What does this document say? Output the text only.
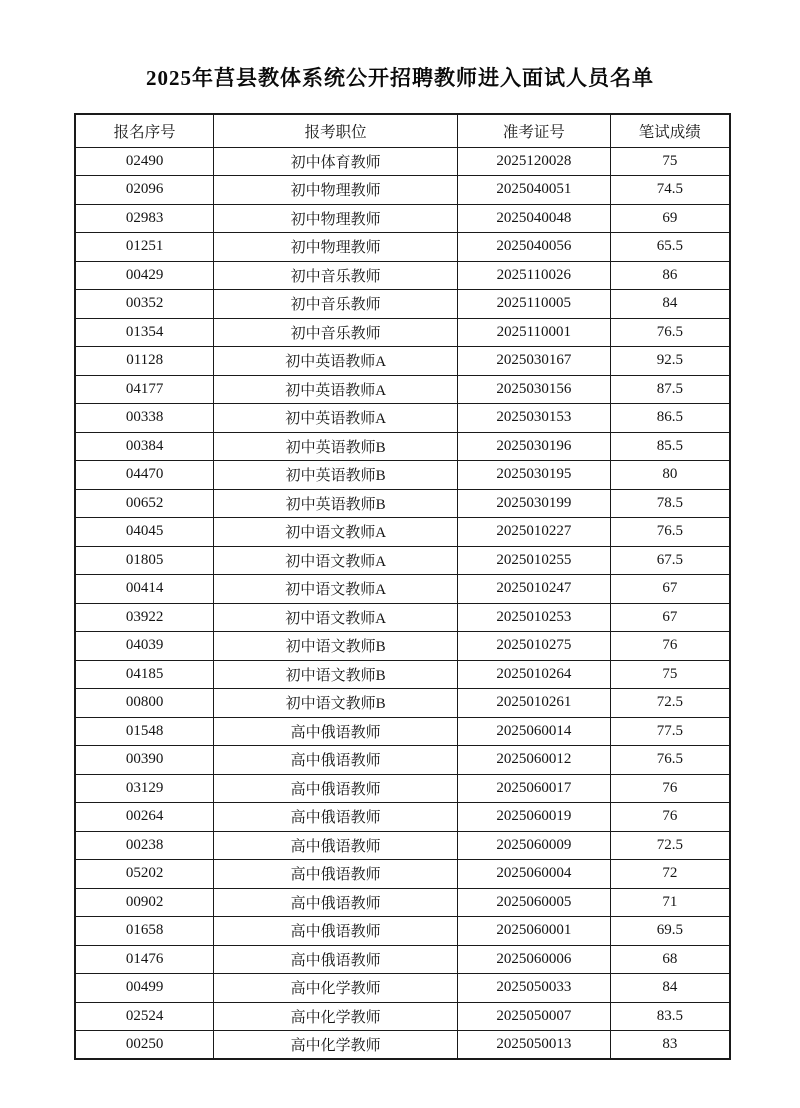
2025年莒县教体系统公开招聘教师进入面试人员名单
报名序号	报考职位	准考证号	笔试成绩
02490	初中体育教师	2025120028	75
02096	初中物理教师	2025040051	74.5
02983	初中物理教师	2025040048	69
01251	初中物理教师	2025040056	65.5
00429	初中音乐教师	2025110026	86
00352	初中音乐教师	2025110005	84
01354	初中音乐教师	2025110001	76.5
01128	初中英语教师A	2025030167	92.5
04177	初中英语教师A	2025030156	87.5
00338	初中英语教师A	2025030153	86.5
00384	初中英语教师B	2025030196	85.5
04470	初中英语教师B	2025030195	80
00652	初中英语教师B	2025030199	78.5
04045	初中语文教师A	2025010227	76.5
01805	初中语文教师A	2025010255	67.5
00414	初中语文教师A	2025010247	67
03922	初中语文教师A	2025010253	67
04039	初中语文教师B	2025010275	76
04185	初中语文教师B	2025010264	75
00800	初中语文教师B	2025010261	72.5
01548	高中俄语教师	2025060014	77.5
00390	高中俄语教师	2025060012	76.5
03129	高中俄语教师	2025060017	76
00264	高中俄语教师	2025060019	76
00238	高中俄语教师	2025060009	72.5
05202	高中俄语教师	2025060004	72
00902	高中俄语教师	2025060005	71
01658	高中俄语教师	2025060001	69.5
01476	高中俄语教师	2025060006	68
00499	高中化学教师	2025050033	84
02524	高中化学教师	2025050007	83.5
00250	高中化学教师	2025050013	83
